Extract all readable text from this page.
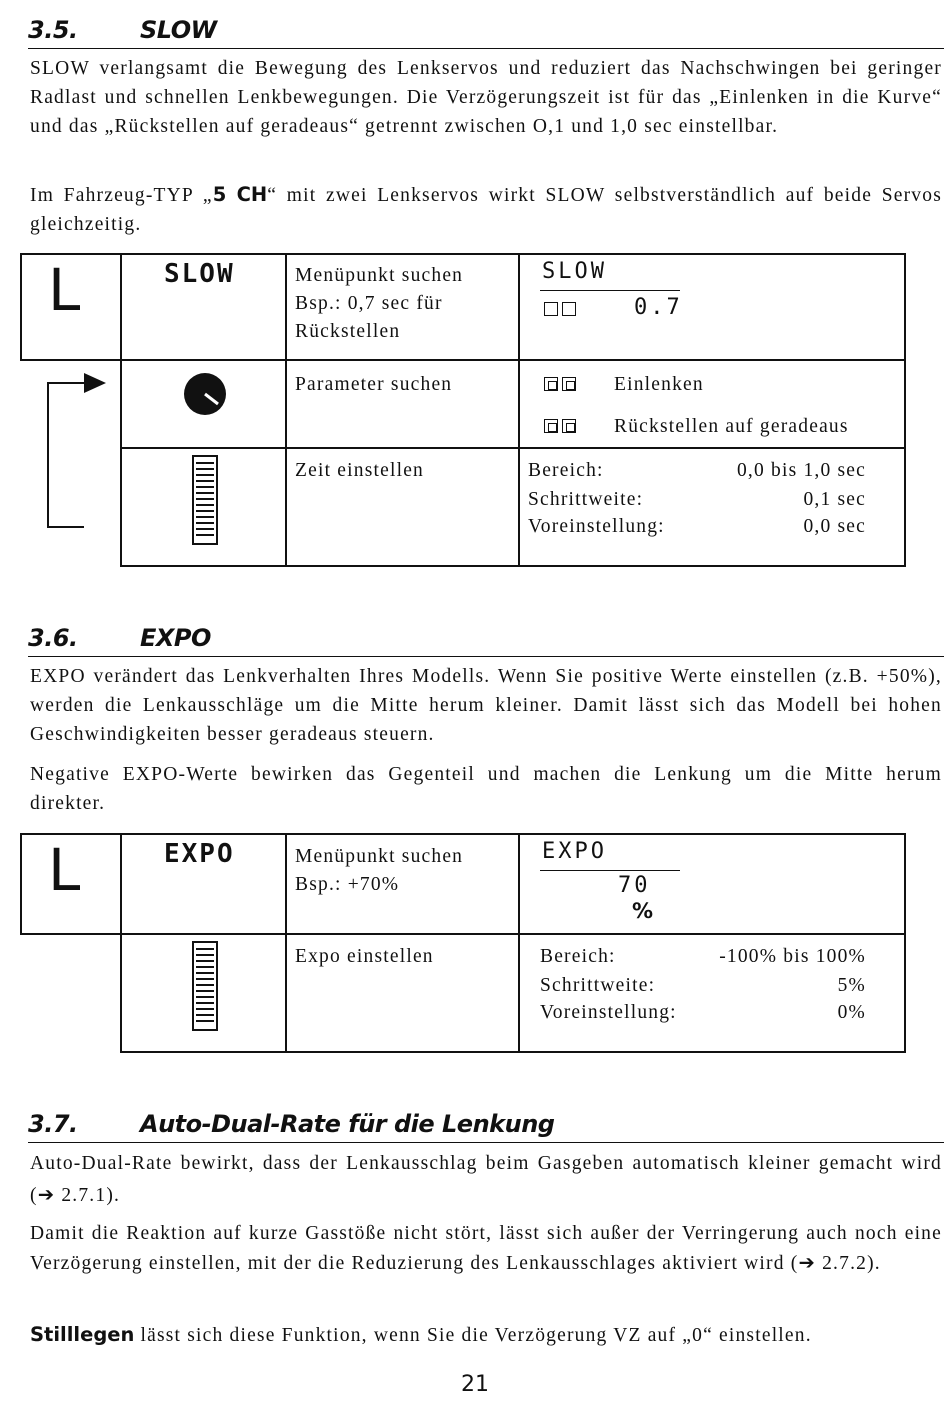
3.5.	SLOW

SLOW verlangsamt die Bewegung des Lenkservos und reduziert das Nachschwingen bei geringer Radlast und schnellen Lenkbewegungen. Die Verzögerungszeit ist für das „Einlenken in die Kurve“ und das „Rückstellen auf geradeaus“ getrennt zwischen O,1 und 1,0 sec einstellbar.

Im Fahrzeug-TYP „5 CH“ mit zwei Lenkservos wirkt SLOW selbstverständlich auf beide Servos gleichzeitig.

L	SLOW	Menüpunkt suchen
Bsp.: 0,7 sec für
Rückstellen
SLOW
0.7
Parameter suchen	Einlenken
Rückstellen auf geradeaus
Zeit einstellen	Bereich:	0,0 bis 1,0 sec
Schrittweite:	0,1 sec
Voreinstellung:	0,0 sec
3.6.	EXPO

EXPO verändert das Lenkverhalten Ihres Modells. Wenn Sie positive Werte einstellen (z.B. +50%), werden die Lenkausschläge um die Mitte herum kleiner. Damit lässt sich das Modell bei hohen Geschwindigkeiten besser geradeaus steuern.

Negative EXPO-Werte bewirken das Gegenteil und machen die Lenkung um die Mitte herum direkter.

L	EXPO	Menüpunkt suchen
Bsp.: +70%
EXPO
70
%
Expo einstellen	Bereich:	-100% bis 100%
Schrittweite:	5%
Voreinstellung:	0%
3.7.	Auto-Dual-Rate für die Lenkung

Auto-Dual-Rate bewirkt, dass der Lenkausschlag beim Gasgeben automatisch kleiner gemacht wird (➔ 2.7.1).

Damit die Reaktion auf kurze Gasstöße nicht stört, lässt sich außer der Verringerung auch noch eine Verzögerung einstellen, mit der die Reduzierung des Lenkausschlages aktiviert wird (➔ 2.7.2).

Stilllegen lässt sich diese Funktion, wenn Sie die Verzögerung VZ auf „0“ einstellen.

21
